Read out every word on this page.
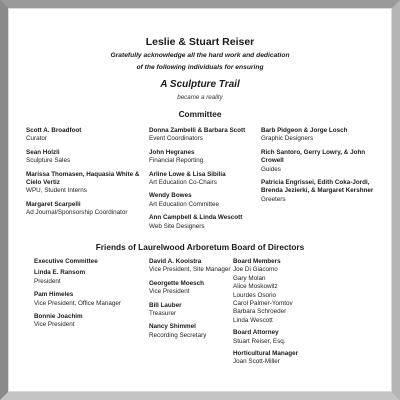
Leslie & Stuart Reiser
Gratefully acknowledge all the hard work and dedication
of the following individuals for ensuring
A Sculpture Trail
became a reality
Committee
Scott A. Broadfoot
Curator
Sean Holzli
Sculpture Sales
Marissa Thomasen, Haquasia White & Cielo Vertiz
WPU, Student Interns
Margaret Scarpelli
Ad Journal/Sponsorship Coordinator
Donna Zambelli & Barbara Scott
Event Coordinators
John Hegranes
Financial Reporting
Arline Lowe & Lisa Sibilia
Art Education Co-Chairs
Wendy Bowes
Art Education Committee
Ann Campbell & Linda Wescott
Web Site Designers
Barb Pidgeon & Jorge Losch
Graphic Designers
Rich Santoro, Gerry Lowry, & John Crowell
Guides
Patricia Engrissei, Edith Coka-Jordi, Brenda Jezierki, & Margaret Kershner
Greeters
Friends of Laurelwood Arboretum Board of Directors
Executive Committee
Linda E. Ransom
President
Pam Himeles
Vice President, Office Manager
Bonnie Joachim
Vice President
David A. Kooistra
Vice President, Site Manager
Georgette Moesch
Vice President
Bill Lauber
Treasurer
Nancy Shimmel
Recording Secretary
Board Members
Joe Di Giacomo
Gary Molan
Alice Moskowitz
Lourdes Osorio
Carol Palmer-Yomtov
Barbara Schroeder
Linda Wescott
Board Attorney
Stuart Reiser, Esq.
Horticultural Manager
Joan Scott-Miller
